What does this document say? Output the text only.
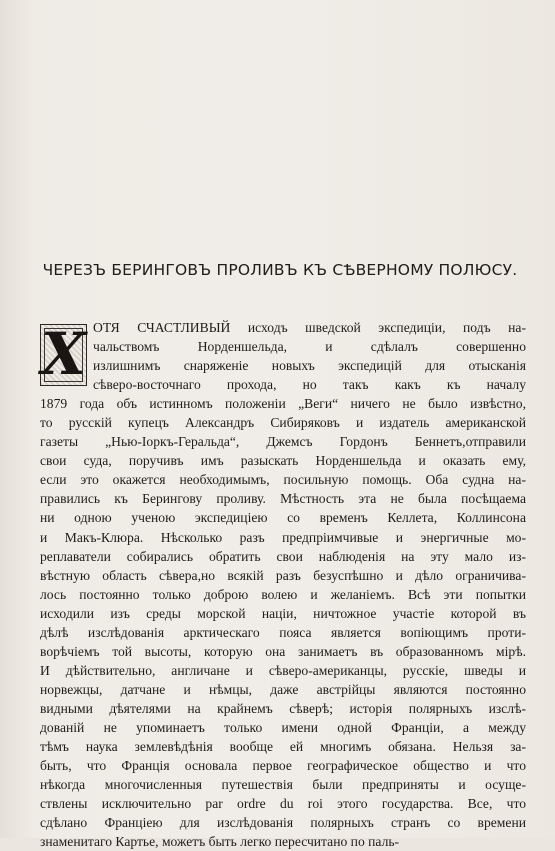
ЧЕРЕЗЪ БЕРИНГОВЪ ПРОЛИВЪ КЪ СѢВЕРНОМУ ПОЛЮСУ.
Х ОТЯ СЧАСТЛИВЫЙ исходъ шведской экспедиціи, подъ на-
чальствомъ Норденшельда, и сдѣлалъ совершенно
излишнимъ снаряженіе новыхъ экспедицій для отысканія
сѣверо-восточнаго прохода, но такъ какъ къ началу
1879 года объ истинномъ положеніи „Веги“ ничего не было извѣстно,
то русскій купецъ Александръ Сибиряковъ и издатель американской
газеты „Нью-Іоркъ-Геральда“, Джемсъ Гордонъ Беннетъ,отправили
свои суда, поручивъ имъ разыскать Норденшельда и оказать ему,
если это окажется необходимымъ, посильную помощь. Оба судна на-
правились къ Берингову проливу. Мѣстность эта не была посѣщаема
ни одною ученою экспедиціею со временъ Келлета, Коллинсона
и Макъ-Клюра. Нѣсколько разъ предпріимчивые и энергичные мо-
реплаватели собирались обратить свои наблюденія на эту мало из-
вѣстную область сѣвера,но всякій разъ безуспѣшно и дѣло ограничива-
лось постоянно только доброю волею и желаніемъ. Всѣ эти попытки
исходили изъ среды морской націи, ничтожное участіе которой въ
дѣлѣ изслѣдованія арктическаго пояса является вопіющимъ проти-
ворѣчіемъ той высоты, которую она занимаетъ въ образованномъ мірѣ.
И дѣйствительно, англичане и сѣверо-американцы, русскіе, шведы и
норвежцы, датчане и нѣмцы, даже австрійцы являются постоянно
видными дѣятелями на крайнемъ сѣверѣ; исторія полярныхъ изслѣ-
дованій не упоминаетъ только имени одной Франціи, а между
тѣмъ наука землевѣдѣнія вообще ей многимъ обязана. Нельзя за-
быть, что Франція основала первое географическое общество и что
нѣкогда многочисленныя путешествія были предприняты и осуще-
ствлены исключительно par ordre du roi этого государства. Все, что
сдѣлано Франціею для изслѣдованія полярныхъ странъ со времени
знаменитаго Картье, можетъ быть легко пересчитано по паль-
